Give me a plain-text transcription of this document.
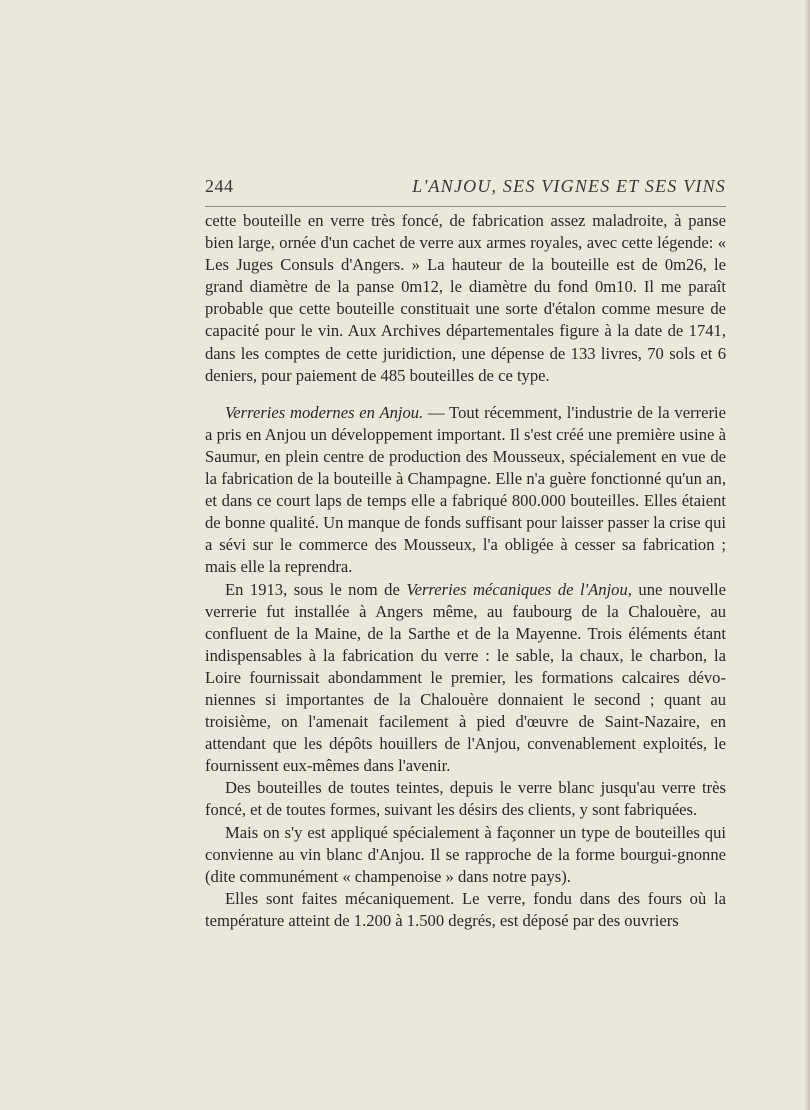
244	L'ANJOU, SES VIGNES ET SES VINS

cette bouteille en verre très foncé, de fabrication assez maladroite, à panse bien large, ornée d'un cachet de verre aux armes royales, avec cette légende: « Les Juges Consuls d'Angers. » La hauteur de la bouteille est de 0m26, le grand diamètre de la panse 0m12, le diamètre du fond 0m10. Il me paraît probable que cette bouteille constituait une sorte d'étalon comme mesure de capacité pour le vin. Aux Archives départementales figure à la date de 1741, dans les comptes de cette juridiction, une dépense de 133 livres, 70 sols et 6 deniers, pour paiement de 485 bouteilles de ce type.

Verreries modernes en Anjou. — Tout récemment, l'industrie de la verrerie a pris en Anjou un développement important. Il s'est créé une première usine à Saumur, en plein centre de production des Mousseux, spécialement en vue de la fabrication de la bouteille à Champagne. Elle n'a guère fonctionné qu'un an, et dans ce court laps de temps elle a fabriqué 800.000 bouteilles. Elles étaient de bonne qualité. Un manque de fonds suffisant pour laisser passer la crise qui a sévi sur le commerce des Mousseux, l'a obligée à cesser sa fabrication ; mais elle la reprendra.

En 1913, sous le nom de Verreries mécaniques de l'Anjou, une nouvelle verrerie fut installée à Angers même, au faubourg de la Chalouère, au confluent de la Maine, de la Sarthe et de la Mayenne. Trois éléments étant indispensables à la fabrication du verre : le sable, la chaux, le charbon, la Loire fournissait abondamment le premier, les formations calcaires dévo-niennes si importantes de la Chalouère donnaient le second ; quant au troisième, on l'amenait facilement à pied d'œuvre de Saint-Nazaire, en attendant que les dépôts houillers de l'Anjou, convenablement exploités, le fournissent eux-mêmes dans l'avenir.

Des bouteilles de toutes teintes, depuis le verre blanc jusqu'au verre très foncé, et de toutes formes, suivant les désirs des clients, y sont fabriquées.

Mais on s'y est appliqué spécialement à façonner un type de bouteilles qui convienne au vin blanc d'Anjou. Il se rapproche de la forme bourgui-gnonne (dite communément « champenoise » dans notre pays).

Elles sont faites mécaniquement. Le verre, fondu dans des fours où la température atteint de 1.200 à 1.500 degrés, est déposé par des ouvriers
